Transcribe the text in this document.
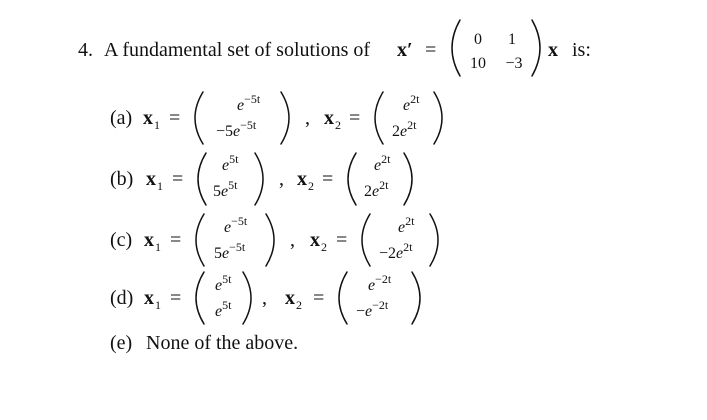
4. A fundamental set of solutions of x′ = 0 1
10 −3
x is:
(a) x 1 =
$e^{-5t}$
$-5e^{-5t}$ , x 2 =
$e^{2t}$
$2e^{2t}$
(b) x 1 =
$e^{5t}$
$5e^{5t}$ , x 2 =
$e^{2t}$
$2e^{2t}$
(c) x 1 =
$e^{-5t}$
$5e^{-5t}$ , x 2 =
$e^{2t}$
$-2e^{2t}$
(d) x 1 =
$e^{5t}$
$e^{5t}$ , x 2 =
$e^{-2t}$
$-e^{-2t}$
(e) None of the above.
